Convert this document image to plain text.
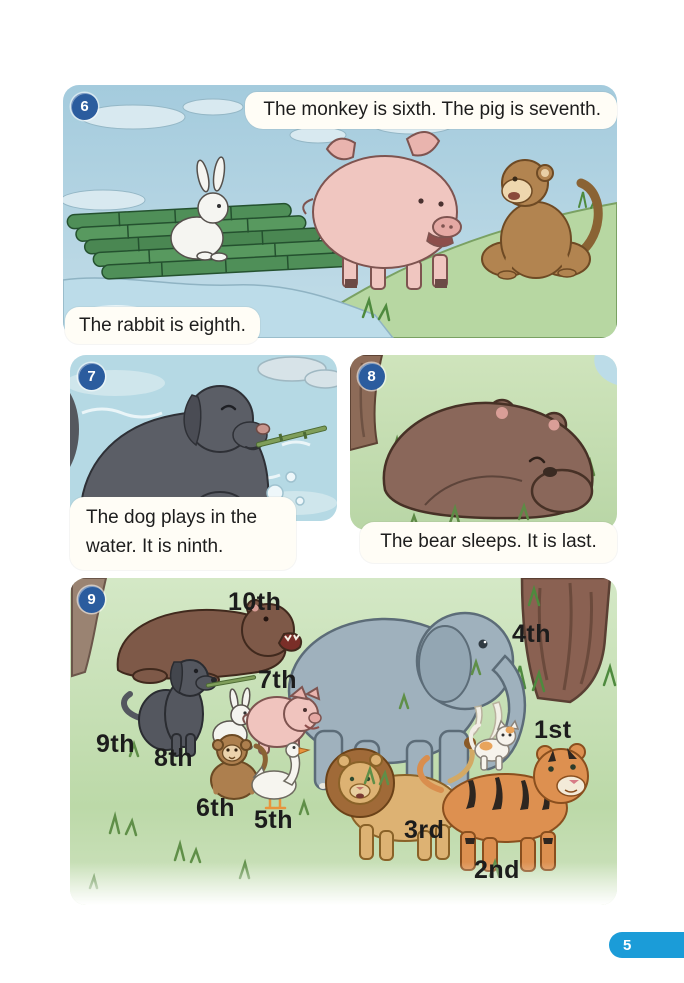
6	The monkey is sixth. The pig is seventh.
The rabbit is eighth.
7
The dog plays in the water. It is ninth.
8
The bear sleeps. It is last.
9	10th
9th 8th
7th
6th 5th
4th
3rd
2nd
1st
5
